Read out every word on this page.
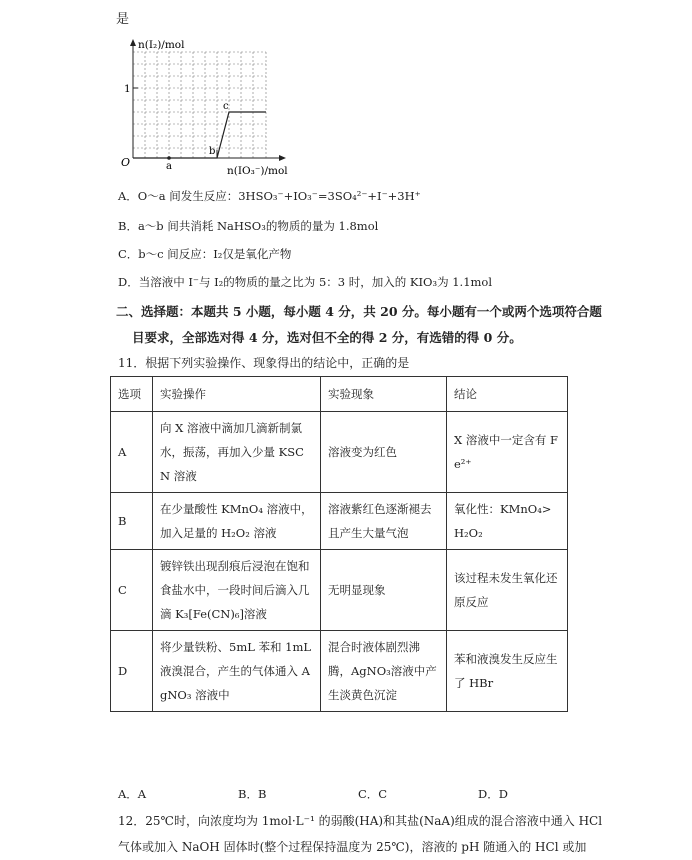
是
n(I₂)/mol
1
O	a
b
c
n(IO₃⁻)/mol
A．O～a 间发生反应：3HSO₃⁻+IO₃⁻=3SO₄²⁻+I⁻+3H⁺
B．a～b 间共消耗 NaHSO₃的物质的量为 1.8mol
C．b～c 间反应：I₂仅是氧化产物
D．当溶液中 I⁻与 I₂的物质的量之比为 5：3 时，加入的 KIO₃为 1.1mol
二、选择题：本题共 5 小题，每小题 4 分，共 20 分。每小题有一个或两个选项符合题
目要求，全部选对得 4 分，选对但不全的得 2 分，有选错的得 0 分。
11．根据下列实验操作、现象得出的结论中，正确的是
选项	实验操作	实验现象	结论
A	向 X 溶液中滴加几滴新制氯水，振荡，再加入少量 KSCN 溶液	溶液变为红色	X 溶液中一定含有 Fe²⁺
B	在少量酸性 KMnO₄ 溶液中，加入足量的 H₂O₂ 溶液	溶液紫红色逐渐褪去且产生大量气泡	氧化性：KMnO₄>H₂O₂
C	镀锌铁出现刮痕后浸泡在饱和食盐水中，一段时间后滴入几滴 K₃[Fe(CN)₆]溶液	无明显现象	该过程未发生氧化还原反应
D	将少量铁粉、5mL 苯和 1mL 液溴混合，产生的气体通入 AgNO₃ 溶液中	混合时液体剧烈沸腾，AgNO₃溶液中产生淡黄色沉淀	苯和液溴发生反应生了 HBr
A．A	B．B	C．C	D．D
12．25℃时，向浓度均为 1mol·L⁻¹ 的弱酸(HA)和其盐(NaA)组成的混合溶液中通入 HCl
气体或加入 NaOH 固体时(整个过程保持温度为 25℃)，溶液的 pH 随通入的 HCl 或加
